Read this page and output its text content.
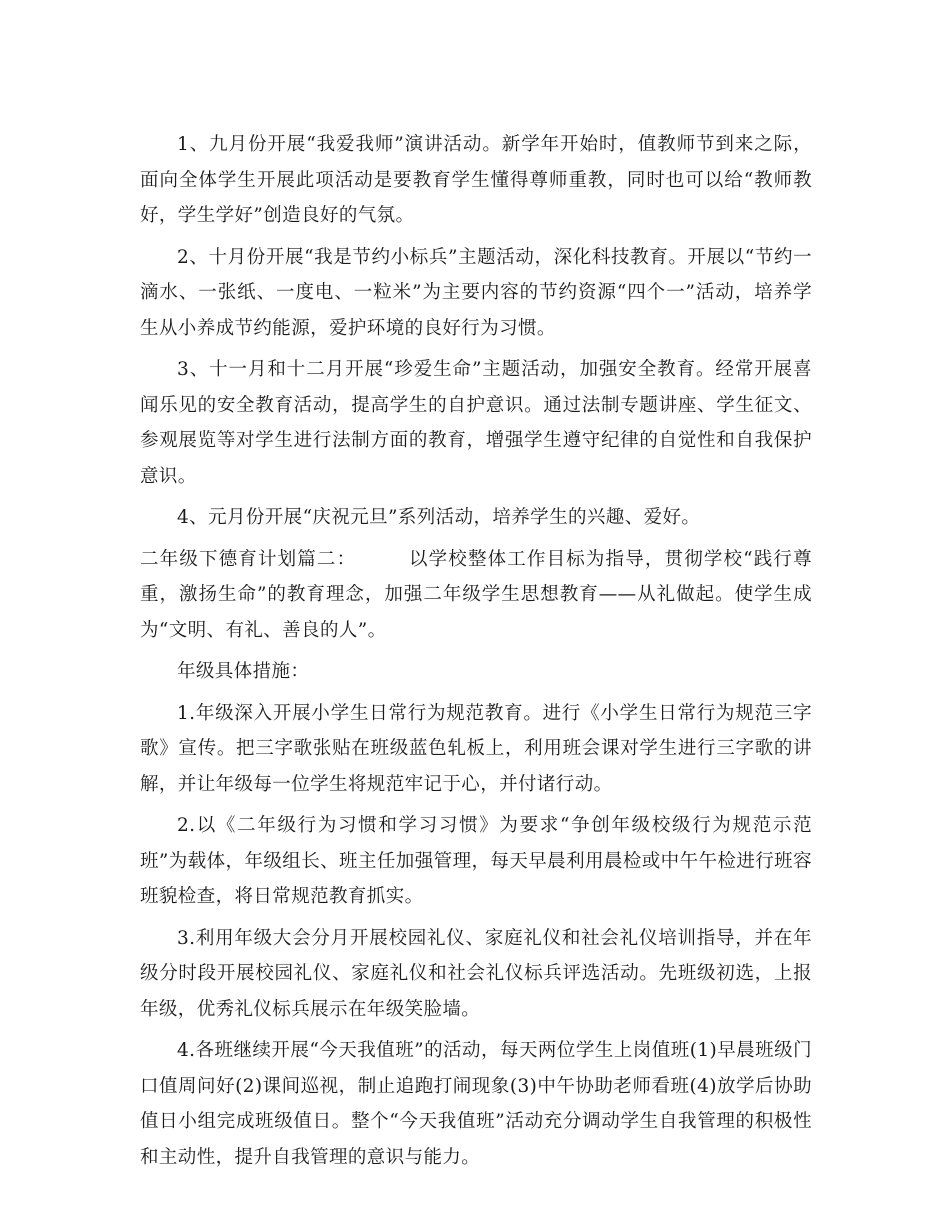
1、九月份开展“我爱我师”演讲活动。新学年开始时，值教师节到来之际，面向全体学生开展此项活动是要教育学生懂得尊师重教，同时也可以给“教师教好，学生学好”创造良好的气氛。

2、十月份开展“我是节约小标兵”主题活动，深化科技教育。开展以“节约一滴水、一张纸、一度电、一粒米”为主要内容的节约资源“四个一”活动，培养学生从小养成节约能源，爱护环境的良好行为习惯。

3、十一月和十二月开展“珍爱生命”主题活动，加强安全教育。经常开展喜闻乐见的安全教育活动，提高学生的自护意识。通过法制专题讲座、学生征文、参观展览等对学生进行法制方面的教育，增强学生遵守纪律的自觉性和自我保护意识。

4、元月份开展“庆祝元旦”系列活动，培养学生的兴趣、爱好。

二年级下德育计划篇二：	以学校整体工作目标为指导，贯彻学校“践行尊重，激扬生命”的教育理念，加强二年级学生思想教育——从礼做起。使学生成为“文明、有礼、善良的人”。

年级具体措施：

1.年级深入开展小学生日常行为规范教育。进行《小学生日常行为规范三字歌》宣传。把三字歌张贴在班级蓝色轧板上，利用班会课对学生进行三字歌的讲解，并让年级每一位学生将规范牢记于心，并付诸行动。

2.以《二年级行为习惯和学习习惯》为要求“争创年级校级行为规范示范班”为载体，年级组长、班主任加强管理，每天早晨利用晨检或中午午检进行班容班貌检查，将日常规范教育抓实。

3.利用年级大会分月开展校园礼仪、家庭礼仪和社会礼仪培训指导，并在年级分时段开展校园礼仪、家庭礼仪和社会礼仪标兵评选活动。先班级初选，上报年级，优秀礼仪标兵展示在年级笑脸墙。

4.各班继续开展“今天我值班”的活动，每天两位学生上岗值班(1)早晨班级门口值周问好(2)课间巡视，制止追跑打闹现象(3)中午协助老师看班(4)放学后协助值日小组完成班级值日。整个“今天我值班”活动充分调动学生自我管理的积极性和主动性，提升自我管理的意识与能力。
